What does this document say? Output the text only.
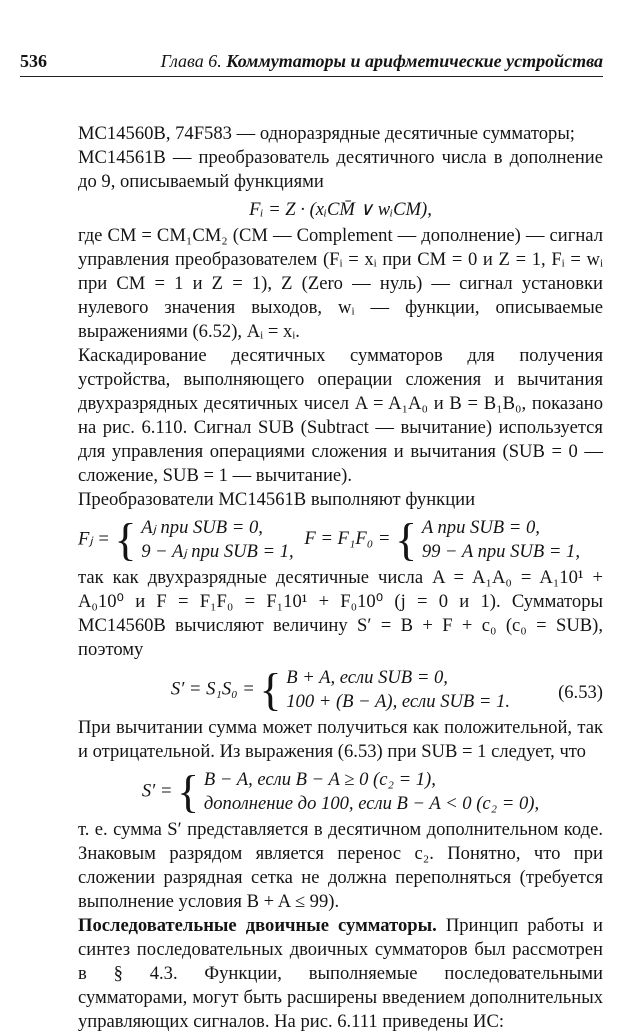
536	Глава 6. Коммутаторы и арифметические устройства

MC14560B, 74F583 — одноразрядные десятичные сумматоры;

MC14561B — преобразователь десятичного числа в дополнение до 9, описываемый функциями

Fᵢ = Z · (xᵢCM̄ ∨ wᵢCM),

где CM = CM₁CM₂ (CM — Complement — дополнение) — сигнал управления преобразователем (Fᵢ = xᵢ при CM = 0 и Z = 1, Fᵢ = wᵢ при CM = 1 и Z = 1), Z (Zero — нуль) — сигнал установки нулевого значения выходов, wᵢ — функции, описываемые выражениями (6.52), Aᵢ = xᵢ.

Каскадирование десятичных сумматоров для получения устройства, выполняющего операции сложения и вычитания двухразрядных десятичных чисел A = A₁A₀ и B = B₁B₀, показано на рис. 6.110. Сигнал SUB (Subtract — вычитание) используется для управления операциями сложения и вычитания (SUB = 0 — сложение, SUB = 1 — вычитание).

Преобразователи MC14561B выполняют функции

Fⱼ = { Aⱼ при SUB = 0,
9 − Aⱼ при SUB = 1, F = F₁F₀ = { A при SUB = 0,
99 − A при SUB = 1,

так как двухразрядные десятичные числа A = A₁A₀ = A₁10¹ + A₀10⁰ и F = F₁F₀ = F₁10¹ + F₀10⁰ (j = 0 и 1). Сумматоры MC14560B вычисляют величину S′ = B + F + c₀ (c₀ = SUB), поэтому

S′ = S₁S₀ = { B + A, если SUB = 0,
100 + (B − A), если SUB = 1.	(6.53)

При вычитании сумма может получиться как положительной, так и отрицательной. Из выражения (6.53) при SUB = 1 следует, что

S′ = { B − A, если B − A ≥ 0 (c₂ = 1),
дополнение до 100, если B − A < 0 (c₂ = 0),

т. е. сумма S′ представляется в десятичном дополнительном коде. Знаковым разрядом является перенос c₂. Понятно, что при сложении разрядная сетка не должна переполняться (требуется выполнение условия B + A ≤ 99).

Последовательные двоичные сумматоры. Принцип работы и синтез последовательных двоичных сумматоров был рассмотрен в § 4.3. Функции, выполняемые последовательными сумматорами, могут быть расширены введением дополнительных управляющих сигналов. На рис. 6.111 приведены ИС:
